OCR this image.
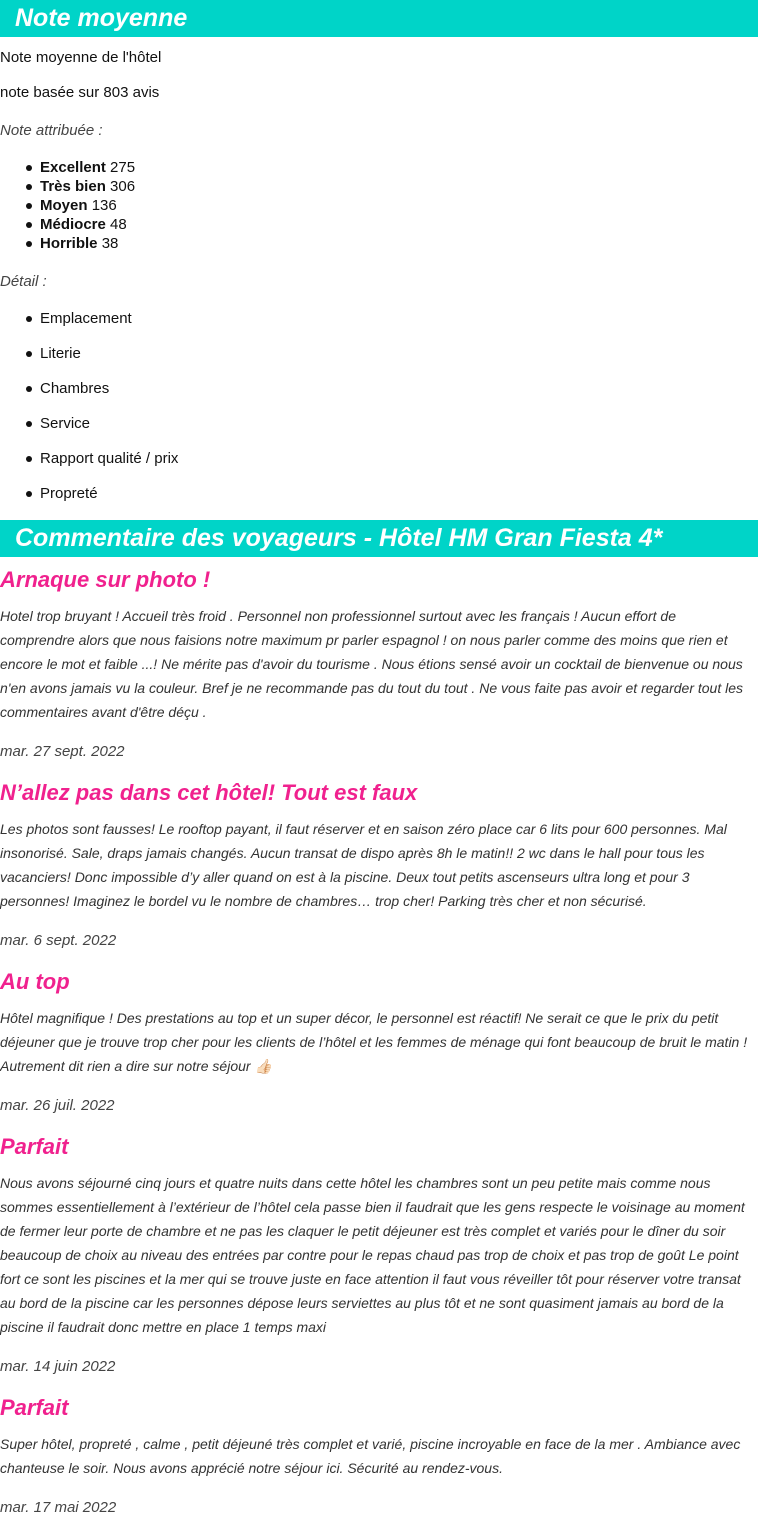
Note moyenne

Note moyenne de l'hôtel

note basée sur 803 avis

Note attribuée :

Excellent 275
Très bien 306
Moyen 136
Médiocre 48
Horrible 38

Détail :

Emplacement
Literie
Chambres
Service
Rapport qualité / prix
Propreté
Commentaire des voyageurs - Hôtel HM Gran Fiesta 4*
Arnaque sur photo !

Hotel trop bruyant ! Accueil très froid . Personnel non professionnel surtout avec les français ! Aucun effort de comprendre alors que nous faisions notre maximum pr parler espagnol ! on nous parler comme des moins que rien et encore le mot et faible ...! Ne mérite pas d'avoir du tourisme . Nous étions sensé avoir un cocktail de bienvenue ou nous n'en avons jamais vu la couleur. Bref je ne recommande pas du tout du tout . Ne vous faite pas avoir et regarder tout les commentaires avant d'être déçu .

mar. 27 sept. 2022

N’allez pas dans cet hôtel! Tout est faux

Les photos sont fausses! Le rooftop payant, il faut réserver et en saison zéro place car 6 lits pour 600 personnes. Mal insonorisé. Sale, draps jamais changés. Aucun transat de dispo après 8h le matin!! 2 wc dans le hall pour tous les vacanciers! Donc impossible d’y aller quand on est à la piscine. Deux tout petits ascenseurs ultra long et pour 3 personnes! Imaginez le bordel vu le nombre de chambres… trop cher! Parking très cher et non sécurisé.

mar. 6 sept. 2022

Au top

Hôtel magnifique ! Des prestations au top et un super décor, le personnel est réactif! Ne serait ce que le prix du petit déjeuner que je trouve trop cher pour les clients de l’hôtel et les femmes de ménage qui font beaucoup de bruit le matin ! Autrement dit rien a dire sur notre séjour 👍🏻

mar. 26 juil. 2022

Parfait

Nous avons séjourné cinq jours et quatre nuits dans cette hôtel les chambres sont un peu petite mais comme nous sommes essentiellement à l’extérieur de l’hôtel cela passe bien il faudrait que les gens respecte le voisinage au moment de fermer leur porte de chambre et ne pas les claquer le petit déjeuner est très complet et variés pour le dîner du soir beaucoup de choix au niveau des entrées par contre pour le repas chaud pas trop de choix et pas trop de goût Le point fort ce sont les piscines et la mer qui se trouve juste en face attention il faut vous réveiller tôt pour réserver votre transat au bord de la piscine car les personnes dépose leurs serviettes au plus tôt et ne sont quasiment jamais au bord de la piscine il faudrait donc mettre en place 1 temps maxi

mar. 14 juin 2022

Parfait

Super hôtel, propreté , calme , petit déjeuné très complet et varié, piscine incroyable en face de la mer . Ambiance avec chanteuse le soir. Nous avons apprécié notre séjour ici. Sécurité au rendez-vous.

mar. 17 mai 2022
